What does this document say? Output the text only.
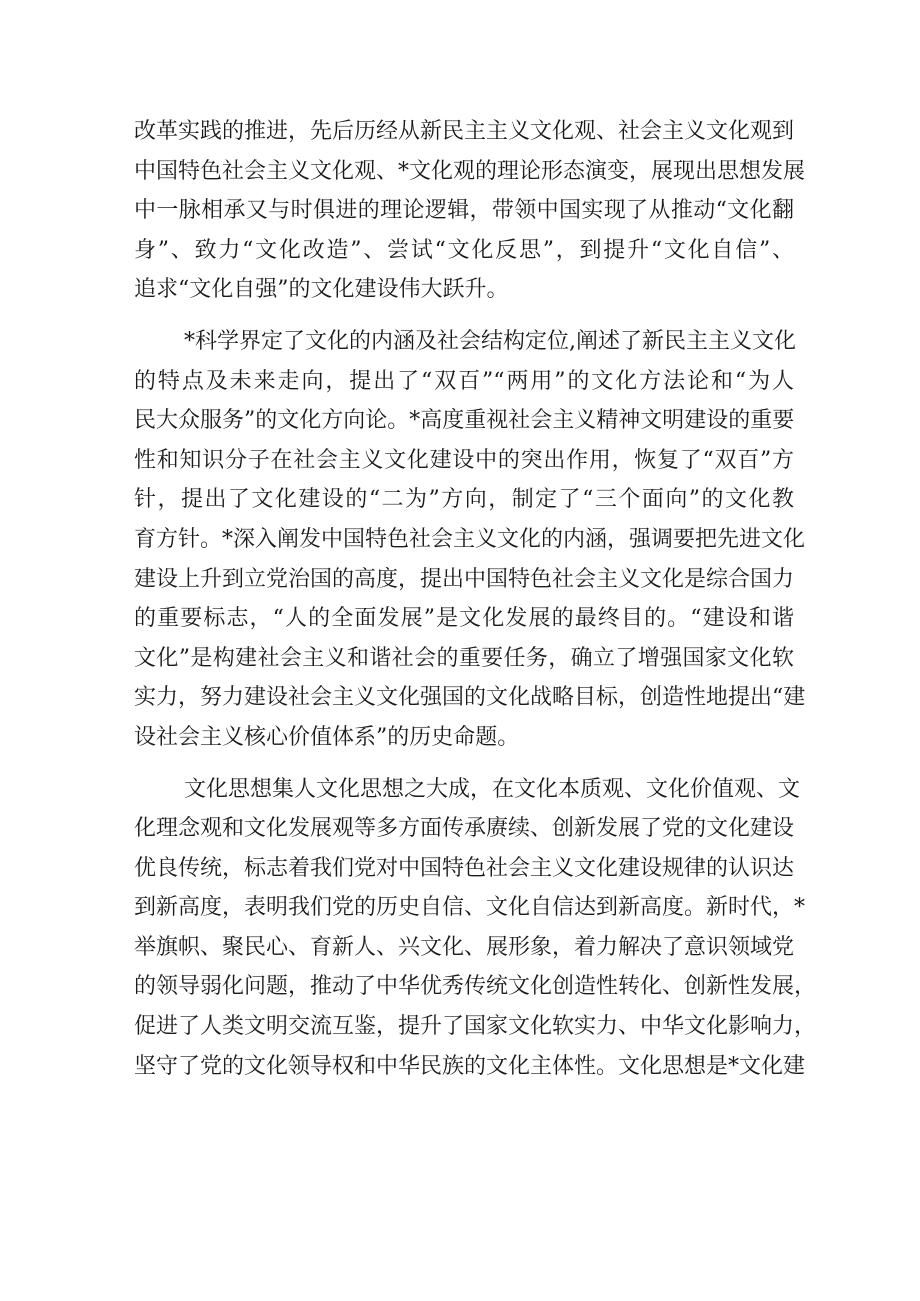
改革实践的推进，先后历经从新民主主义文化观、社会主义文化观到
中国特色社会主义文化观、*文化观的理论形态演变，展现出思想发展
中一脉相承又与时俱进的理论逻辑，带领中国实现了从推动“文化翻
身”、致力“文化改造”、尝试“文化反思”，到提升“文化自信”、
追求“文化自强”的文化建设伟大跃升。
*科学界定了文化的内涵及社会结构定位,阐述了新民主主义文化
的特点及未来走向，提出了“双百”“两用”的文化方法论和“为人
民大众服务”的文化方向论。*高度重视社会主义精神文明建设的重要
性和知识分子在社会主义文化建设中的突出作用，恢复了“双百”方
针，提出了文化建设的“二为”方向，制定了“三个面向”的文化教
育方针。*深入阐发中国特色社会主义文化的内涵，强调要把先进文化
建设上升到立党治国的高度，提出中国特色社会主义文化是综合国力
的重要标志，“人的全面发展”是文化发展的最终目的。“建设和谐
文化”是构建社会主义和谐社会的重要任务，确立了增强国家文化软
实力，努力建设社会主义文化强国的文化战略目标，创造性地提出“建
设社会主义核心价值体系”的历史命题。
文化思想集人文化思想之大成，在文化本质观、文化价值观、文
化理念观和文化发展观等多方面传承赓续、创新发展了党的文化建设
优良传统，标志着我们党对中国特色社会主义文化建设规律的认识达
到新高度，表明我们党的历史自信、文化自信达到新高度。新时代，*
举旗帜、聚民心、育新人、兴文化、展形象，着力解决了意识领域党
的领导弱化问题，推动了中华优秀传统文化创造性转化、创新性发展，
促进了人类文明交流互鉴，提升了国家文化软实力、中华文化影响力，
坚守了党的文化领导权和中华民族的文化主体性。文化思想是*文化建
